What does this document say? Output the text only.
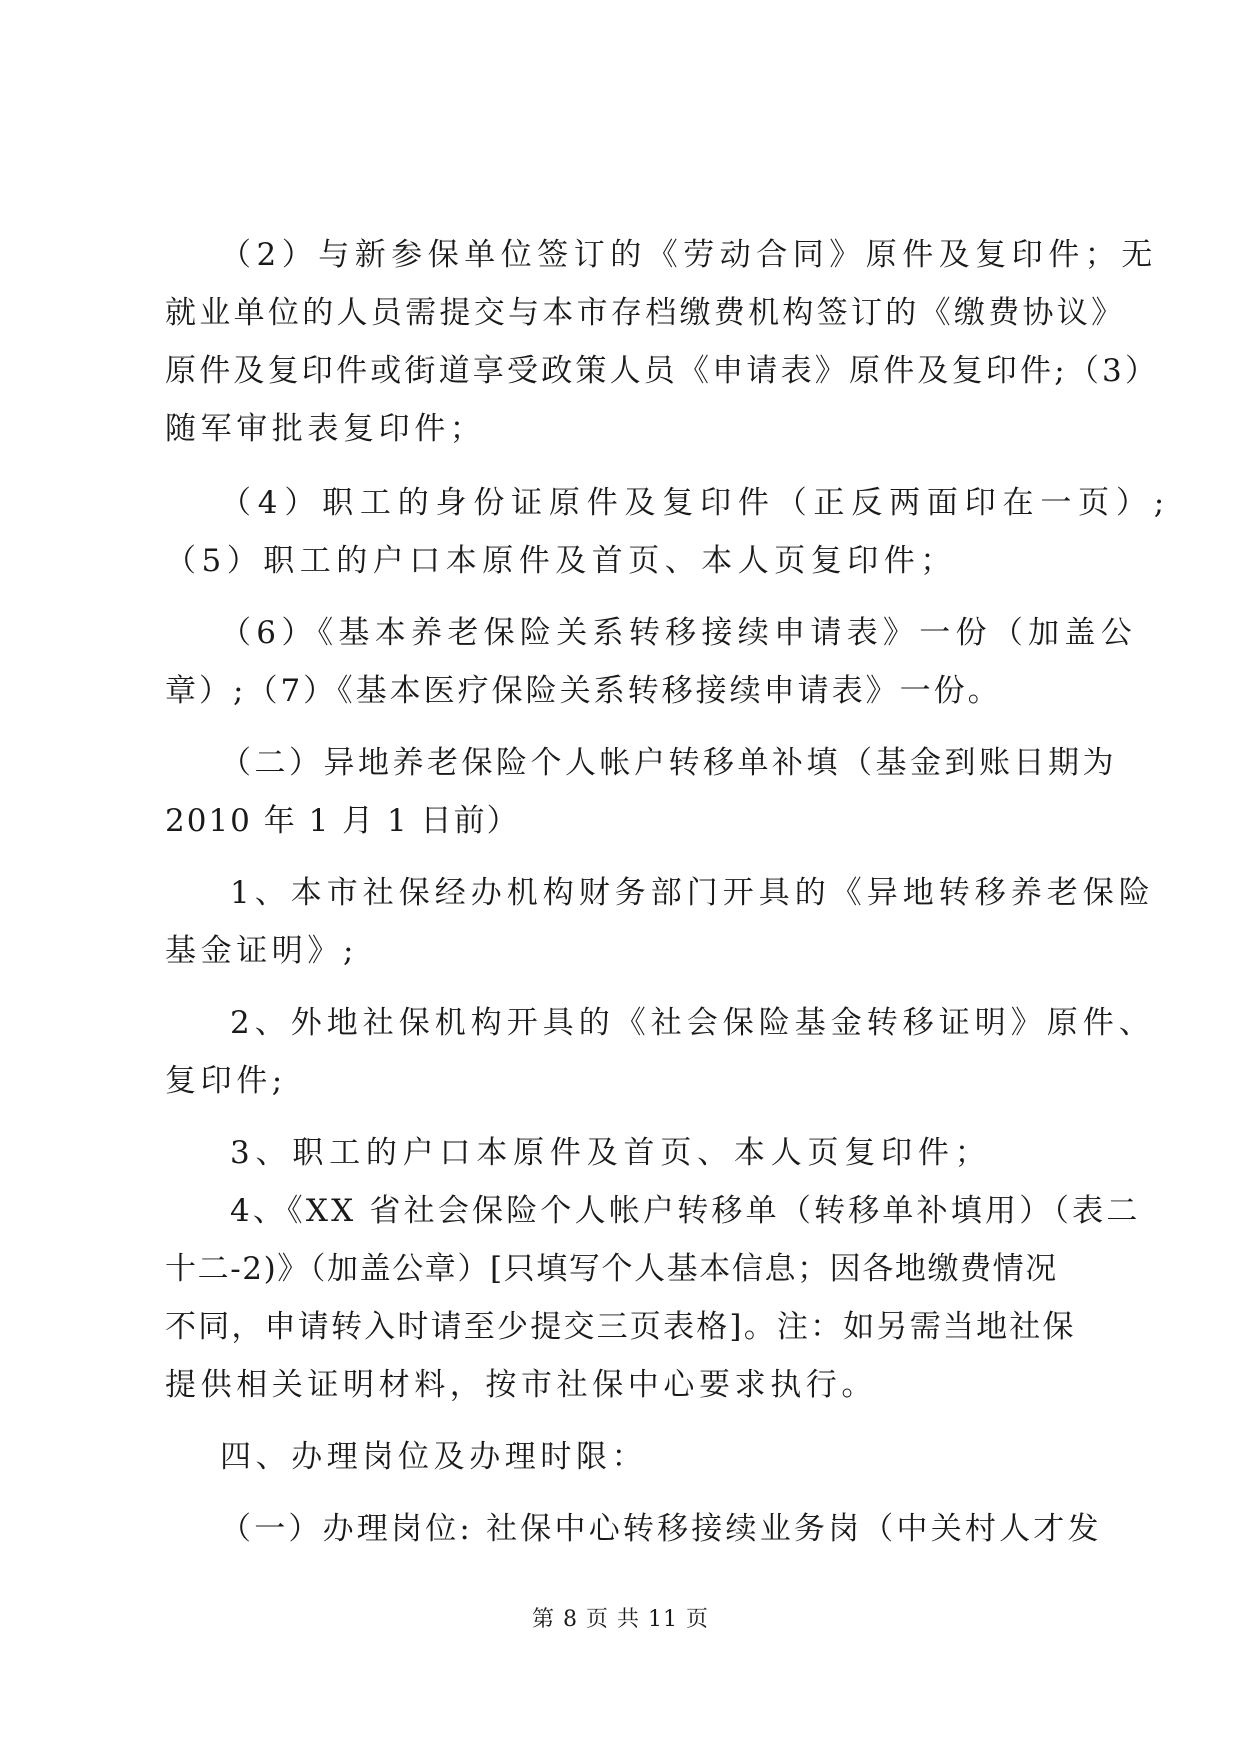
（2）与新参保单位签订的《劳动合同》原件及复印件；无
就业单位的人员需提交与本市存档缴费机构签订的《缴费协议》
原件及复印件或街道享受政策人员《申请表》原件及复印件;（3）
随军审批表复印件；
（4）职工的身份证原件及复印件（正反两面印在一页）;
（5）职工的户口本原件及首页、本人页复印件；
（6）《基本养老保险关系转移接续申请表》一份（加盖公
章）;（7）《基本医疗保险关系转移接续申请表》一份。
（二）异地养老保险个人帐户转移单补填（基金到账日期为
2010 年 1 月 1 日前）
1、本市社保经办机构财务部门开具的《异地转移养老保险
基金证明》;
2、外地社保机构开具的《社会保险基金转移证明》原件、
复印件;
3、职工的户口本原件及首页、本人页复印件；
4、《XX 省社会保险个人帐户转移单（转移单补填用）（表二
十二-2)》（加盖公章）[只填写个人基本信息；因各地缴费情况
不同，申请转入时请至少提交三页表格]。注：如另需当地社保
提供相关证明材料，按市社保中心要求执行。
四、办理岗位及办理时限：
（一）办理岗位: 社保中心转移接续业务岗（中关村人才发
第 8 页 共 11 页
